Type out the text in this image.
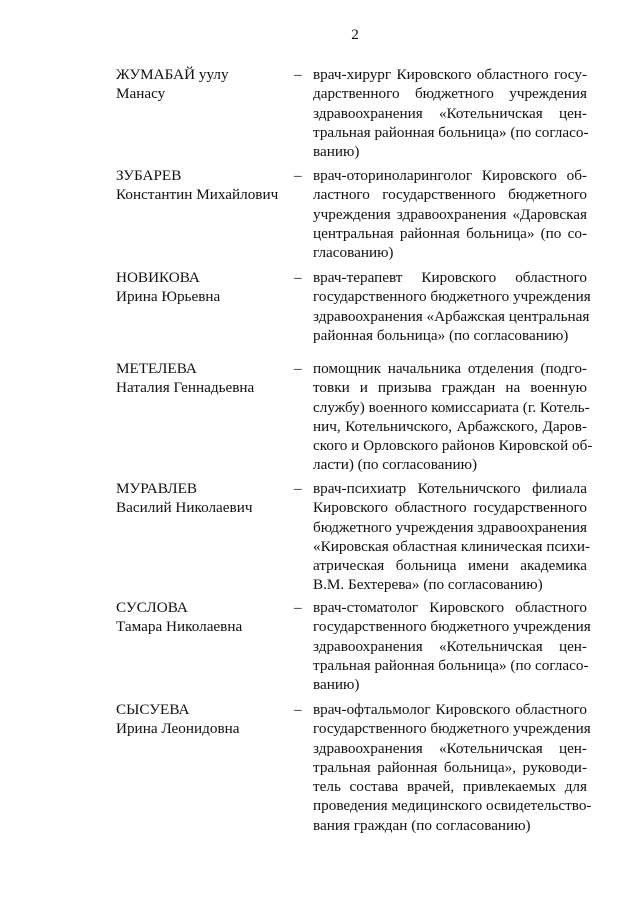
2
ЖУМАБАЙ уулу
Манасу
– врач-хирург Кировского областного госу-
дарственного бюджетного учреждения
здравоохранения «Котельничская цен-
тральная районная больница» (по согласо-
ванию)
ЗУБАРЕВ
Константин Михайлович
– врач-оториноларинголог Кировского об-
ластного государственного бюджетного
учреждения здравоохранения «Даровская
центральная районная больница» (по со-
гласованию)
НОВИКОВА
Ирина Юрьевна
– врач-терапевт Кировского областного
государственного бюджетного учреждения
здравоохранения «Арбажская центральная
районная больница» (по согласованию)
МЕТЕЛЕВА
Наталия Геннадьевна
– помощник начальника отделения (подго-
товки и призыва граждан на военную
службу) военного комиссариата (г. Котель-
нич, Котельничского, Арбажского, Даров-
ского и Орловского районов Кировской об-
ласти) (по согласованию)
МУРАВЛЕВ
Василий Николаевич
– врач-психиатр Котельничского филиала
Кировского областного государственного
бюджетного учреждения здравоохранения
«Кировская областная клиническая психи-
атрическая больница имени академика
В.М. Бехтерева» (по согласованию)
СУСЛОВА
Тамара Николаевна
– врач-стоматолог Кировского областного
государственного бюджетного учреждения
здравоохранения «Котельничская цен-
тральная районная больница» (по согласо-
ванию)
СЫСУЕВА
Ирина Леонидовна
– врач-офтальмолог Кировского областного
государственного бюджетного учреждения
здравоохранения «Котельничская цен-
тральная районная больница», руководи-
тель состава врачей, привлекаемых для
проведения медицинского освидетельство-
вания граждан (по согласованию)
